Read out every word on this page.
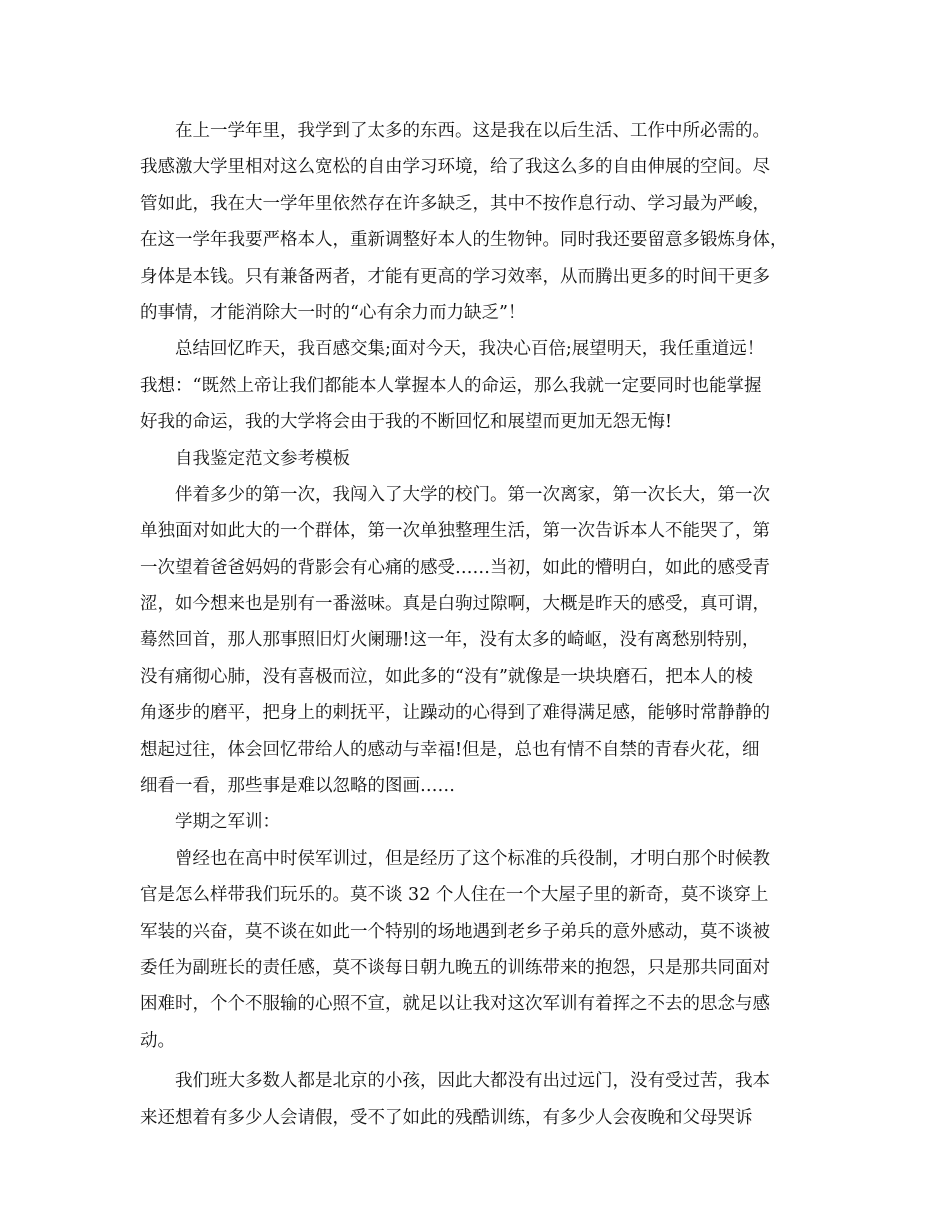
在上一学年里，我学到了太多的东西。这是我在以后生活、工作中所必需的。
我感激大学里相对这么宽松的自由学习环境，给了我这么多的自由伸展的空间。尽
管如此，我在大一学年里依然存在许多缺乏，其中不按作息行动、学习最为严峻，
在这一学年我要严格本人，重新调整好本人的生物钟。同时我还要留意多锻炼身体，
身体是本钱。只有兼备两者，才能有更高的学习效率，从而腾出更多的时间干更多
的事情，才能消除大一时的“心有余力而力缺乏”！
总结回忆昨天，我百感交集;面对今天，我决心百倍;展望明天，我任重道远！
我想：“既然上帝让我们都能本人掌握本人的命运，那么我就一定要同时也能掌握
好我的命运，我的大学将会由于我的不断回忆和展望而更加无怨无悔!
自我鉴定范文参考模板
伴着多少的第一次，我闯入了大学的校门。第一次离家，第一次长大，第一次
单独面对如此大的一个群体，第一次单独整理生活，第一次告诉本人不能哭了，第
一次望着爸爸妈妈的背影会有心痛的感受……当初，如此的懵明白，如此的感受青
涩，如今想来也是别有一番滋味。真是白驹过隙啊，大概是昨天的感受，真可谓，
蓦然回首，那人那事照旧灯火阑珊!这一年，没有太多的崎岖，没有离愁别特别，
没有痛彻心肺，没有喜极而泣，如此多的“没有”就像是一块块磨石，把本人的棱
角逐步的磨平，把身上的刺抚平，让躁动的心得到了难得满足感，能够时常静静的
想起过往，体会回忆带给人的感动与幸福!但是，总也有情不自禁的青春火花，细
细看一看，那些事是难以忽略的图画……
学期之军训：
曾经也在高中时侯军训过，但是经历了这个标准的兵役制，才明白那个时候教
官是怎么样带我们玩乐的。莫不谈 32 个人住在一个大屋子里的新奇，莫不谈穿上
军装的兴奋，莫不谈在如此一个特别的场地遇到老乡子弟兵的意外感动，莫不谈被
委任为副班长的责任感，莫不谈每日朝九晚五的训练带来的抱怨，只是那共同面对
困难时，个个不服输的心照不宣，就足以让我对这次军训有着挥之不去的思念与感
动。
我们班大多数人都是北京的小孩，因此大都没有出过远门，没有受过苦，我本
来还想着有多少人会请假，受不了如此的残酷训练，有多少人会夜晚和父母哭诉
